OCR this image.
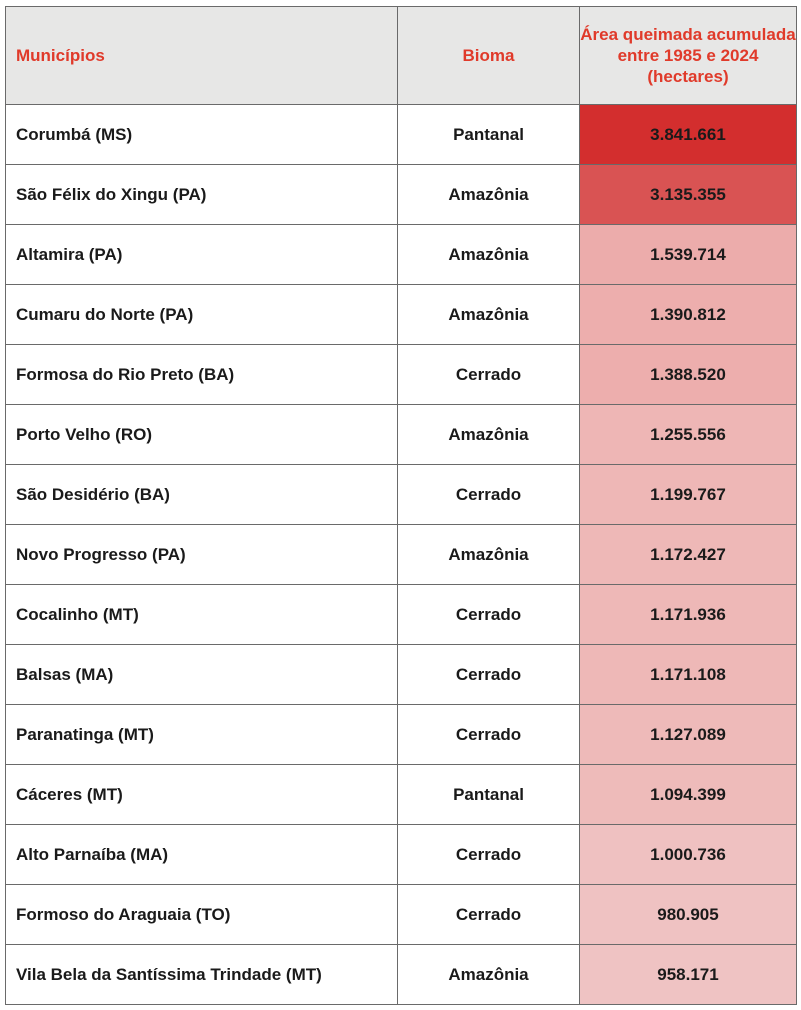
Municípios	Bioma	Área queimada acumulada entre 1985 e 2024 (hectares)
Corumbá (MS)	Pantanal	3.841.661
São Félix do Xingu (PA)	Amazônia	3.135.355
Altamira (PA)	Amazônia	1.539.714
Cumaru do Norte (PA)	Amazônia	1.390.812
Formosa do Rio Preto (BA)	Cerrado	1.388.520
Porto Velho (RO)	Amazônia	1.255.556
São Desidério (BA)	Cerrado	1.199.767
Novo Progresso (PA)	Amazônia	1.172.427
Cocalinho (MT)	Cerrado	1.171.936
Balsas (MA)	Cerrado	1.171.108
Paranatinga (MT)	Cerrado	1.127.089
Cáceres (MT)	Pantanal	1.094.399
Alto Parnaíba (MA)	Cerrado	1.000.736
Formoso do Araguaia (TO)	Cerrado	980.905
Vila Bela da Santíssima Trindade (MT)	Amazônia	958.171
